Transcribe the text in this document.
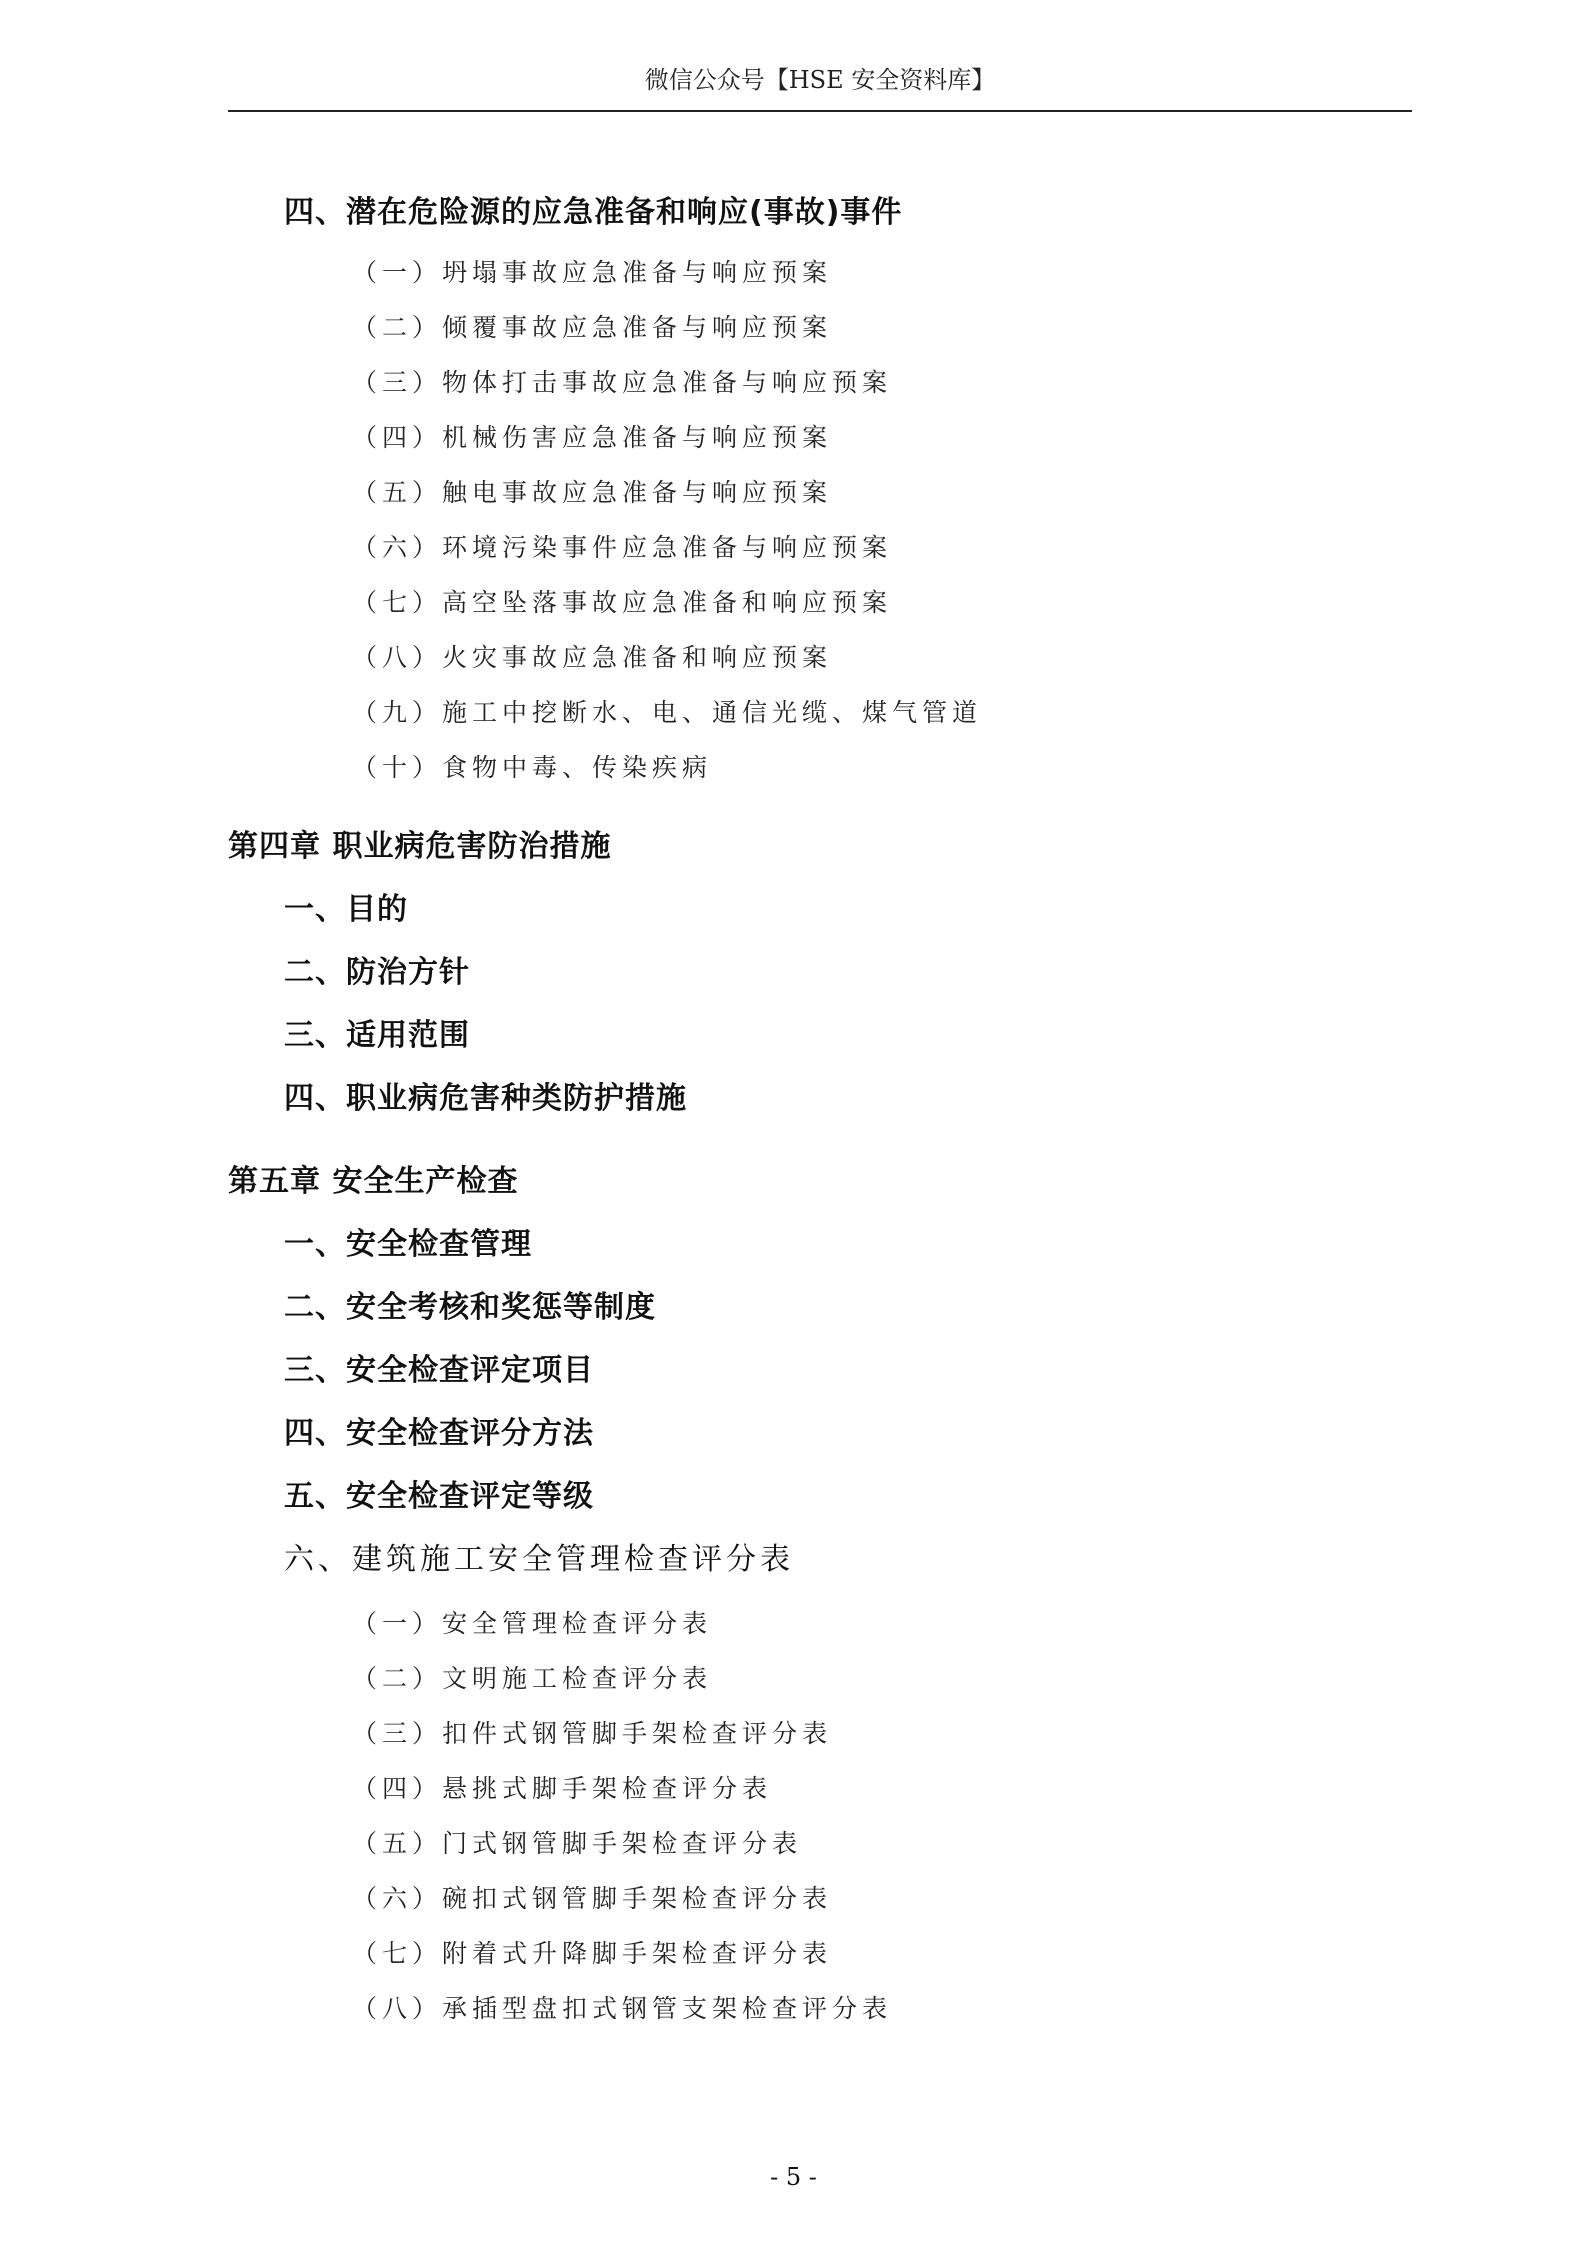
微信公众号【HSE 安全资料库】
四、潜在危险源的应急准备和响应(事故)事件
（一）坍塌事故应急准备与响应预案
（二）倾覆事故应急准备与响应预案
（三）物体打击事故应急准备与响应预案
（四）机械伤害应急准备与响应预案
（五）触电事故应急准备与响应预案
（六）环境污染事件应急准备与响应预案
（七）高空坠落事故应急准备和响应预案
（八）火灾事故应急准备和响应预案
（九）施工中挖断水、电、通信光缆、煤气管道
（十）食物中毒、传染疾病
第四章 职业病危害防治措施
一、目的
二、防治方针
三、适用范围
四、职业病危害种类防护措施
第五章 安全生产检查
一、安全检查管理
二、安全考核和奖惩等制度
三、安全检查评定项目
四、安全检查评分方法
五、安全检查评定等级
六、建筑施工安全管理检查评分表
（一）安全管理检查评分表
（二）文明施工检查评分表
（三）扣件式钢管脚手架检查评分表
（四）悬挑式脚手架检查评分表
（五）门式钢管脚手架检查评分表
（六）碗扣式钢管脚手架检查评分表
（七）附着式升降脚手架检查评分表
（八）承插型盘扣式钢管支架检查评分表
- 5 -
